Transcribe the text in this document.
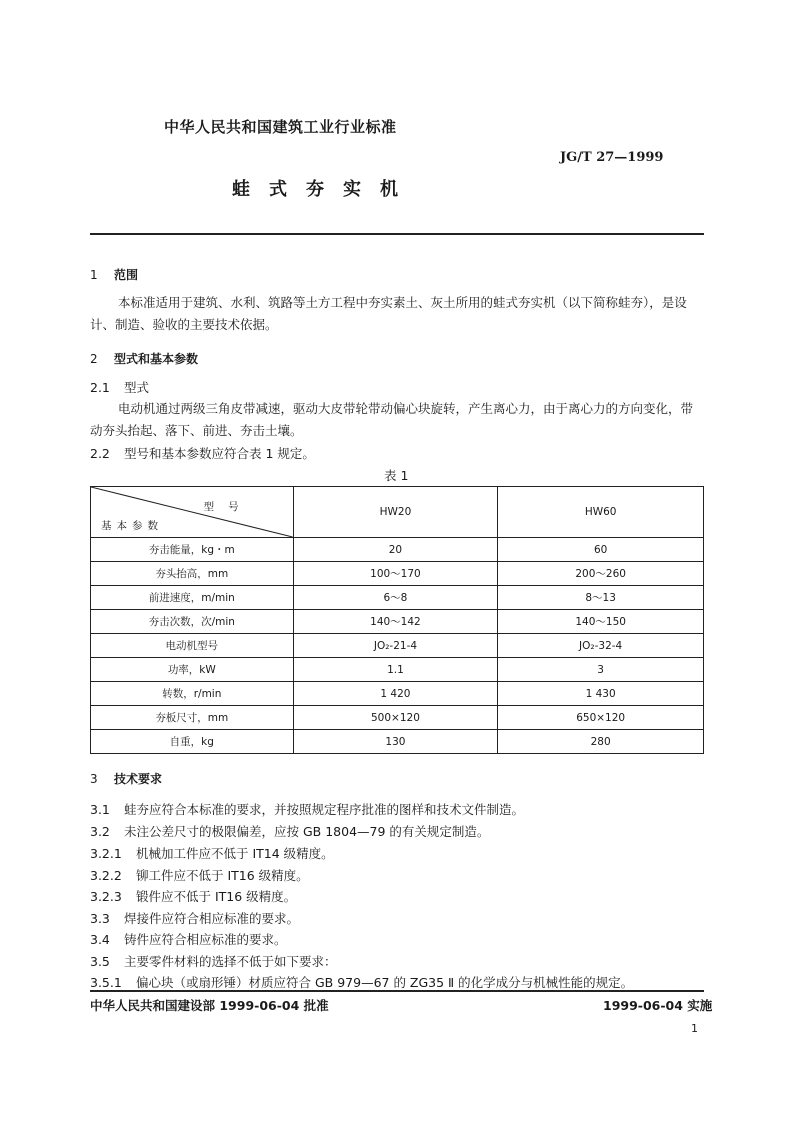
中华人民共和国建筑工业行业标准
JG/T 27—1999
蛙式夯实机
1 范围
本标准适用于建筑、水利、筑路等土方工程中夯实素土、灰土所用的蛙式夯实机（以下简称蛙夯），是设计、制造、验收的主要技术依据。
2 型式和基本参数
2.1 型式
电动机通过两级三角皮带减速，驱动大皮带轮带动偏心块旋转，产生离心力，由于离心力的方向变化，带动夯头抬起、落下、前进、夯击土壤。
2.2 型号和基本参数应符合表 1 规定。
表 1
型号
基本参数	HW20	HW60
夯击能量，kg・m	20	60
夯头抬高，mm	100～170	200～260
前进速度，m/min	6～8	8～13
夯击次数，次/min	140～142	140～150
电动机型号	JO₂-21-4	JO₂-32-4
功率，kW	1.1	3
转数，r/min	1 420	1 430
夯板尺寸，mm	500×120	650×120
自重，kg	130	280
3 技术要求
3.1 蛙夯应符合本标准的要求，并按照规定程序批准的图样和技术文件制造。
3.2 未注公差尺寸的极限偏差，应按 GB 1804—79 的有关规定制造。
3.2.1 机械加工件应不低于 IT14 级精度。
3.2.2 铆工件应不低于 IT16 级精度。
3.2.3 锻件应不低于 IT16 级精度。
3.3 焊接件应符合相应标准的要求。
3.4 铸件应符合相应标准的要求。
3.5 主要零件材料的选择不低于如下要求：
3.5.1 偏心块（或扇形锤）材质应符合 GB 979—67 的 ZG35 Ⅱ 的化学成分与机械性能的规定。
中华人民共和国建设部 1999-06-04 批准	1999-06-04 实施
1
